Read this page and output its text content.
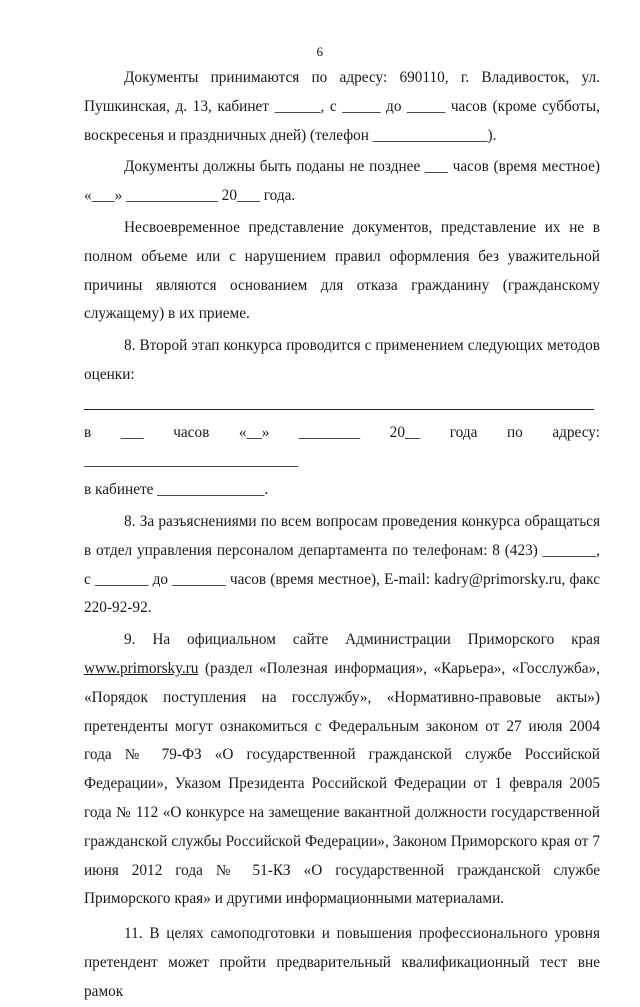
6

Документы принимаются по адресу: 690110, г. Владивосток, ул. Пушкинская, д. 13, кабинет ______, с _____ до _____ часов (кроме субботы, воскресенья и праздничных дней) (телефон _______________).

Документы должны быть поданы не позднее ___ часов (время местное) «___» ____________ 20___ года.

Несвоевременное представление документов, представление их не в полном объеме или с нарушением правил оформления без уважительной причины являются основанием для отказа гражданину (гражданскому служащему) в их приеме.

8. Второй этап конкурса проводится с применением следующих методов оценки:

в ___ часов «__» ________ 20__ года по адресу: ____________________________

в кабинете ______________.

8. За разъяснениями по всем вопросам проведения конкурса обращаться в отдел управления персоналом департамента по телефонам: 8 (423) _______, с _______ до _______ часов (время местное), E-mail: kadry@primorsky.ru, факс 220-92-92.

9. На официальном сайте Администрации Приморского края www.primorsky.ru (раздел «Полезная информация», «Карьера», «Госслужба», «Порядок поступления на госслужбу», «Нормативно-правовые акты») претенденты могут ознакомиться с Федеральным законом от 27 июля 2004 года № 79-ФЗ «О государственной гражданской службе Российской Федерации», Указом Президента Российской Федерации от 1 февраля 2005 года № 112 «О конкурсе на замещение вакантной должности государственной гражданской службы Российской Федерации», Законом Приморского края от 7 июня 2012 года № 51-КЗ «О государственной гражданской службе Приморского края» и другими информационными материалами.

11. В целях самоподготовки и повышения профессионального уровня претендент может пройти предварительный квалификационный тест вне рамок
